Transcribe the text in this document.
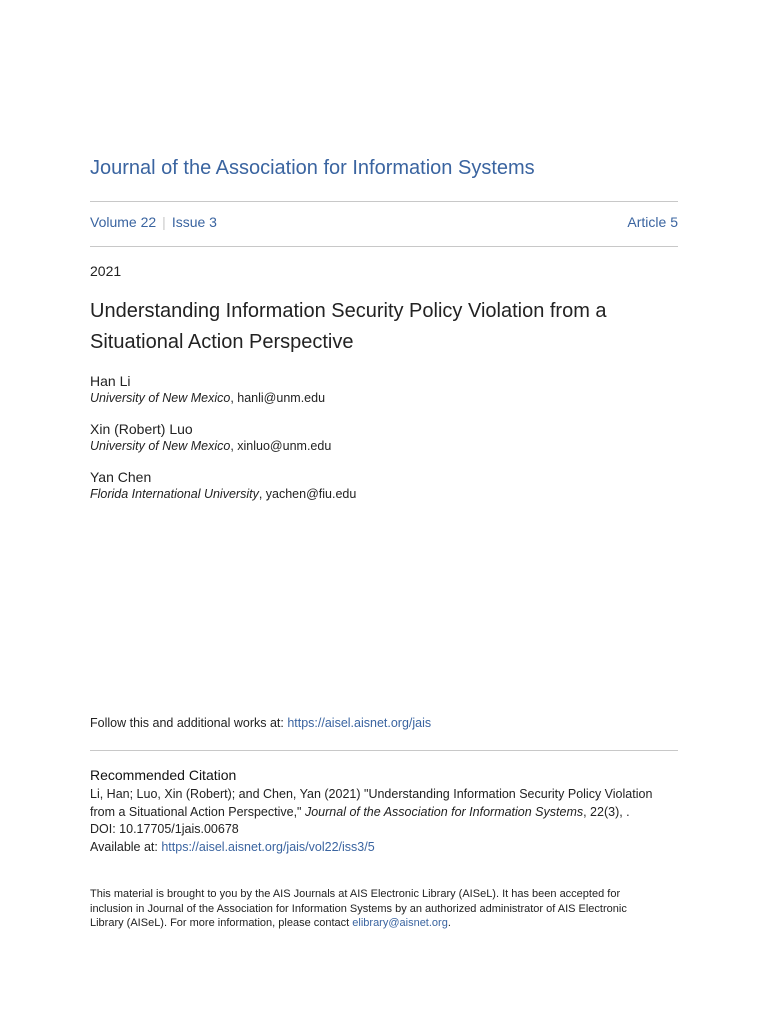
Journal of the Association for Information Systems
Volume 22 | Issue 3	Article 5
2021
Understanding Information Security Policy Violation from a Situational Action Perspective
Han Li
University of New Mexico, hanli@unm.edu
Xin (Robert) Luo
University of New Mexico, xinluo@unm.edu
Yan Chen
Florida International University, yachen@fiu.edu
Follow this and additional works at: https://aisel.aisnet.org/jais
Recommended Citation
Li, Han; Luo, Xin (Robert); and Chen, Yan (2021) "Understanding Information Security Policy Violation from a Situational Action Perspective," Journal of the Association for Information Systems, 22(3), .
DOI: 10.17705/1jais.00678
Available at: https://aisel.aisnet.org/jais/vol22/iss3/5
This material is brought to you by the AIS Journals at AIS Electronic Library (AISeL). It has been accepted for inclusion in Journal of the Association for Information Systems by an authorized administrator of AIS Electronic Library (AISeL). For more information, please contact elibrary@aisnet.org.
